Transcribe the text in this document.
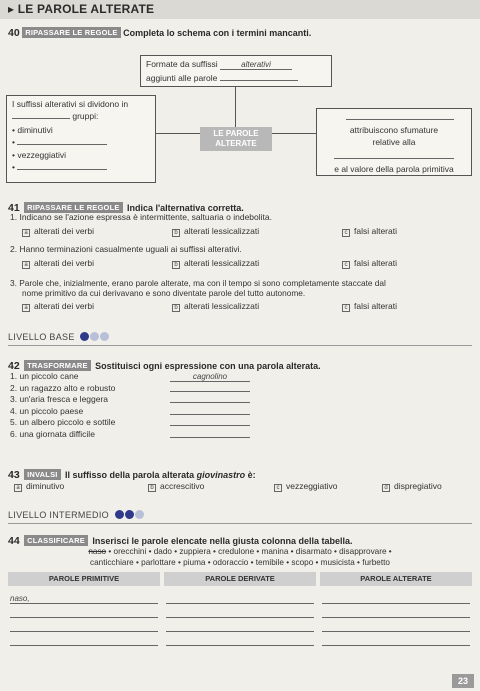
▸ LE PAROLE ALTERATE
40 RIPASSARE LE REGOLE Completa lo schema con i termini mancanti.
Formate da suffissi	alterativi
aggiunti alle parole
LE PAROLE ALTERATE
I suffissi alterativi si dividono in
gruppi:
• diminutivi
•
• vezzeggiativi
•
attribuiscono sfumature
relative alla
e al valore della parola primitiva
41 RIPASSARE LE REGOLE Indica l'alternativa corretta.
1. Indicano se l'azione espressa è intermittente, saltuaria o indebolita.
a alterati dei verbi	b alterati lessicalizzati	c falsi alterati
2. Hanno terminazioni casualmente uguali ai suffissi alterativi.
a alterati dei verbi	b alterati lessicalizzati	c falsi alterati
3. Parole che, inizialmente, erano parole alterate, ma con il tempo si sono completamente staccate dal
nome primitivo da cui derivavano e sono diventate parole del tutto autonome.
a alterati dei verbi	b alterati lessicalizzati	c falsi alterati
LIVELLO BASE
42 TRASFORMARE Sostituisci ogni espressione con una parola alterata.
1. un piccolo cane	cagnolino
2. un ragazzo alto e robusto
3. un'aria fresca e leggera
4. un piccolo paese
5. un albero piccolo e sottile
6. una giornata difficile
43 INVALSI Il suffisso della parola alterata giovinastro è:
a diminutivo	b accrescitivo	c vezzeggiativo	d dispregiativo
LIVELLO INTERMEDIO
44 CLASSIFICARE Inserisci le parole elencate nella giusta colonna della tabella.
naso • orecchini • dado • zuppiera • credulone • manina • disarmato • disapprovare •
canticchiare • parlottare • piuma • odoraccio • temibile • scopo • musicista • furbetto
PAROLE PRIMITIVE	PAROLE DERIVATE	PAROLE ALTERATE
naso,
23
